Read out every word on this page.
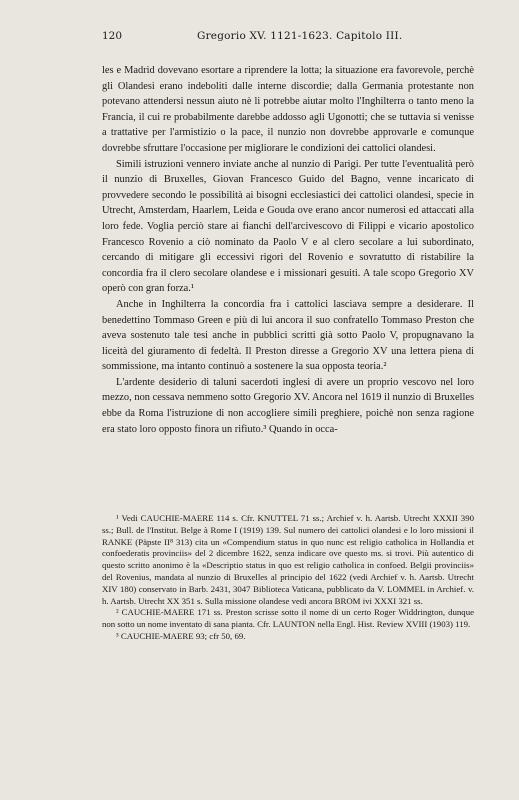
120	Gregorio XV. 1121-1623. Capitolo III.

les e Madrid dovevano esortare a riprendere la lotta; la situazione era favorevole, perchè gli Olandesi erano indeboliti dalle interne discordie; dalla Germania protestante non potevano attendersi nessun aiuto nè li potrebbe aiutar molto l'Inghilterra o tanto meno la Francia, il cui re probabilmente darebbe addosso agli Ugonotti; che se tuttavia si venisse a trattative per l'armistizio o la pace, il nunzio non dovrebbe approvarle e comunque dovrebbe sfruttare l'occasione per migliorare le condizioni dei cattolici olandesi.

Simili istruzioni vennero inviate anche al nunzio di Parigi. Per tutte l'eventualità però il nunzio di Bruxelles, Giovan Francesco Guido del Bagno, venne incaricato di provvedere secondo le possibilità ai bisogni ecclesiastici dei cattolici olandesi, specie in Utrecht, Amsterdam, Haarlem, Leida e Gouda ove erano ancor numerosi ed attaccati alla loro fede. Voglia perciò stare ai fianchi dell'arcivescovo di Filippi e vicario apostolico Francesco Rovenio a ciò nominato da Paolo V e al clero secolare a lui subordinato, cercando di mitigare gli eccessivi rigori del Rovenio e sovratutto di ristabilire la concordia fra il clero secolare olandese e i missionari gesuiti. A tale scopo Gregorio XV operò con gran forza.¹

Anche in Inghilterra la concordia fra i cattolici lasciava sempre a desiderare. Il benedettino Tommaso Green e più di lui ancora il suo confratello Tommaso Preston che aveva sostenuto tale tesi anche in pubblici scritti già sotto Paolo V, propugnavano la liceità del giuramento di fedeltà. Il Preston diresse a Gregorio XV una lettera piena di sommissione, ma intanto continuò a sostenere la sua opposta teoria.²

L'ardente desiderio di taluni sacerdoti inglesi di avere un proprio vescovo nel loro mezzo, non cessava nemmeno sotto Gregorio XV. Ancora nel 1619 il nunzio di Bruxelles ebbe da Roma l'istruzione di non accogliere simili preghiere, poichè non senza ragione era stato loro opposto finora un rifiuto.³ Quando in occa-

¹ Vedi CAUCHIE-MAERE 114 s. Cfr. KNUTTEL 71 ss.; Archief v. h. Aartsb. Utrecht XXXII 390 ss.; Bull. de l'Institut. Belge à Rome I (1919) 139. Sul numero dei cattolici olandesi e lo loro missioni il RANKE (Päpste II⁸ 313) cita un «Compendium status in quo nunc est religio catholica in Hollandia et confoederatis provinciis» del 2 dicembre 1622, senza indicare ove questo ms. si trovi. Più autentico di questo scritto anonimo è la «Descriptio status in quo est religio catholica in confoed. Belgii provinciis» del Rovenius, mandata al nunzio di Bruxelles al principio del 1622 (vedi Archief v. h. Aartsb. Utrecht XIV 180) conservato in Barb. 2431, 3047 Biblioteca Vaticana, pubblicato da V. LOMMEL in Archief. v. h. Aartsb. Utrecht XX 351 s. Sulla missione olandese vedi ancora BROM ivi XXXI 321 ss.

² CAUCHIE-MAERE 171 ss. Preston scrisse sotto il nome di un certo Roger Widdrington, dunque non sotto un nome inventato di sana pianta. Cfr. LAUNTON nella Engl. Hist. Review XVIII (1903) 119.

³ CAUCHIE-MAERE 93; cfr 50, 69.
